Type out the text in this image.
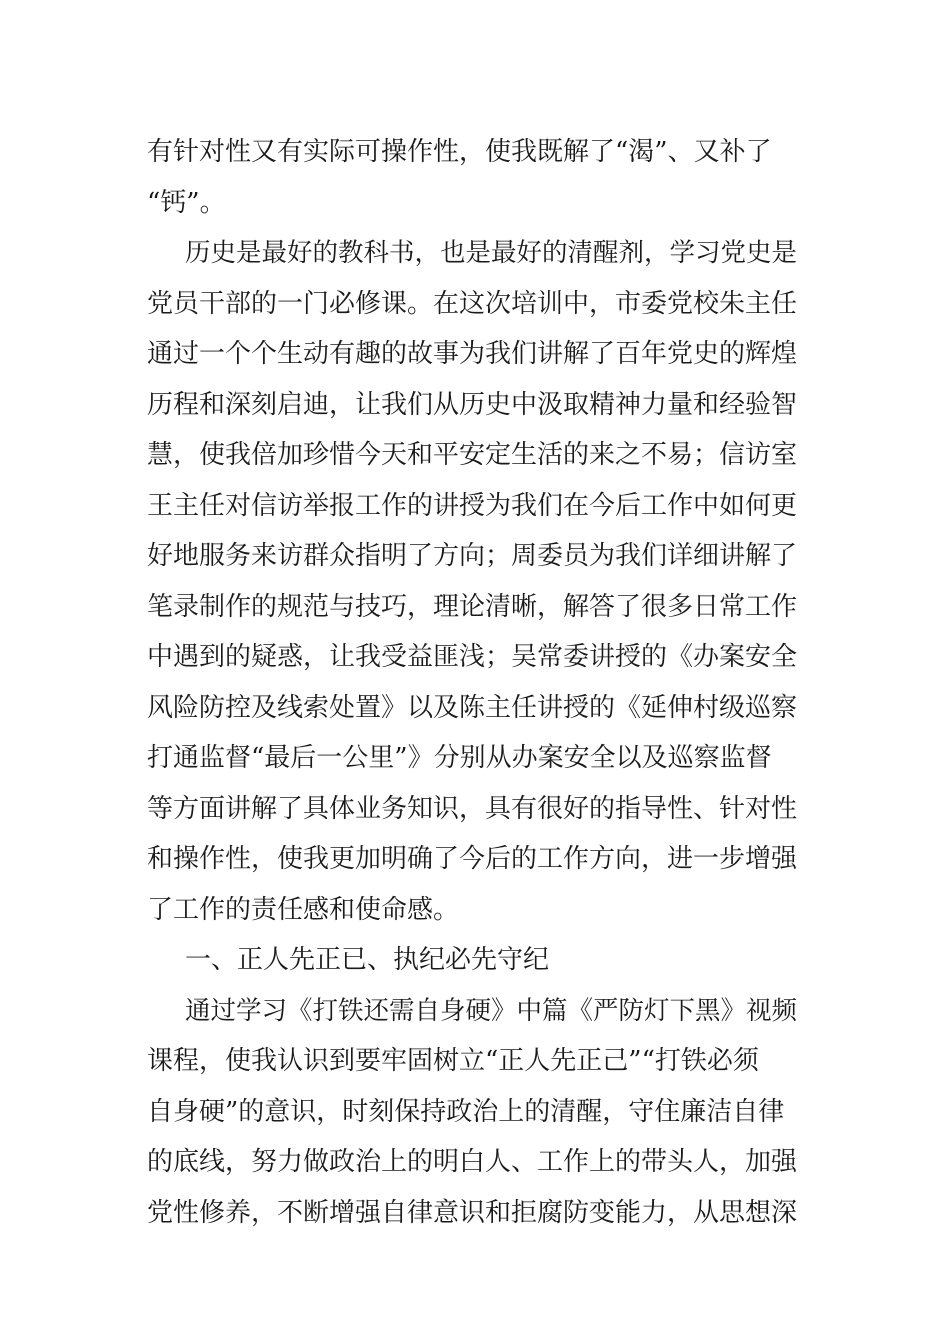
有针对性又有实际可操作性，使我既解了“渴”、又补了
“钙”。
历史是最好的教科书，也是最好的清醒剂，学习党史是
党员干部的一门必修课。在这次培训中，市委党校朱主任
通过一个个生动有趣的故事为我们讲解了百年党史的辉煌
历程和深刻启迪，让我们从历史中汲取精神力量和经验智
慧，使我倍加珍惜今天和平安定生活的来之不易；信访室
王主任对信访举报工作的讲授为我们在今后工作中如何更
好地服务来访群众指明了方向；周委员为我们详细讲解了
笔录制作的规范与技巧，理论清晰，解答了很多日常工作
中遇到的疑惑，让我受益匪浅；吴常委讲授的《办案安全
风险防控及线索处置》以及陈主任讲授的《延伸村级巡察
打通监督“最后一公里”》分别从办案安全以及巡察监督
等方面讲解了具体业务知识，具有很好的指导性、针对性
和操作性，使我更加明确了今后的工作方向，进一步增强
了工作的责任感和使命感。
一、正人先正已、执纪必先守纪
通过学习《打铁还需自身硬》中篇《严防灯下黑》视频
课程，使我认识到要牢固树立“正人先正己”“打铁必须
自身硬”的意识，时刻保持政治上的清醒，守住廉洁自律
的底线，努力做政治上的明白人、工作上的带头人，加强
党性修养，不断增强自律意识和拒腐防变能力，从思想深
